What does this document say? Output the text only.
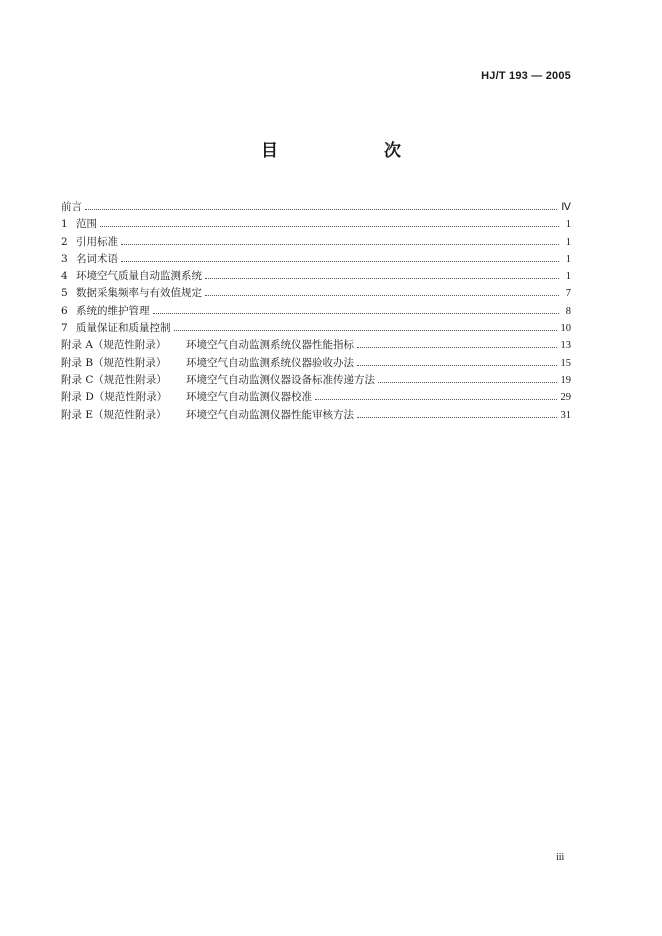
HJ/T 193 — 2005
目 次
前言	Ⅳ
1 范围	1
2 引用标准	1
3 名词术语	1
4 环境空气质量自动监测系统	1
5 数据采集频率与有效值规定	7
6 系统的维护管理	8
7 质量保证和质量控制	10
附录 A（规范性附录） 环境空气自动监测系统仪器性能指标	13
附录 B（规范性附录） 环境空气自动监测系统仪器验收办法	15
附录 C（规范性附录） 环境空气自动监测仪器设备标准传递方法	19
附录 D（规范性附录） 环境空气自动监测仪器校准	29
附录 E（规范性附录） 环境空气自动监测仪器性能审核方法	31
iii
